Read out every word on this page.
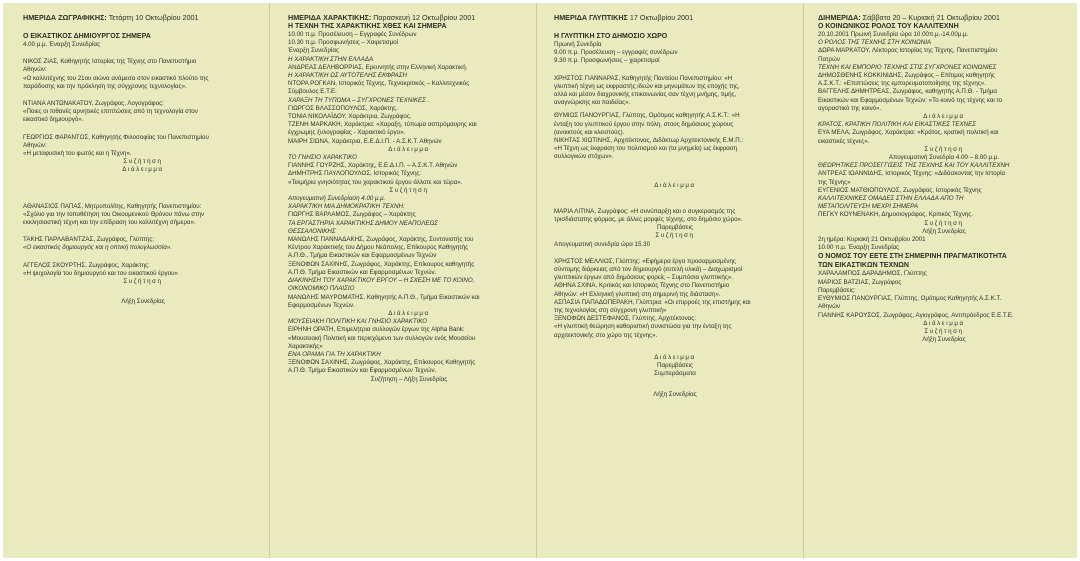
ΗΜΕΡΙΔΑ ΖΩΓΡΑΦΙΚΗΣ: Τετάρτη 10 Οκτωβρίου 2001

Ο ΕΙΚΑΣΤΙΚΟΣ ΔΗΜΙΟΥΡΓΟΣ ΣΗΜΕΡΑ

4.00 μ.μ. Έναρξη Συνεδρίας

ΝΙΚΟΣ ΖΙΑΣ, Καθηγητής Ιστορίας της Τέχνης στο Πανεπιστήμιο

Αθηνών:

«Ο καλλιτέχνης του 21ου αιώνα ανάμεσα στον εικαστικό πλούτο της

παράδοσης και την πρόκληση της σύγχρονης τεχνολογίας».

ΝΤΙΑΝΑ ΑΝΤΩΝΑΚΑΤΟΥ, Ζωγράφος, Λογογράφος:

«Ποιες οι πιθανές αρνητικές επιπτώσεις από τη τεχνολογία στον

εικαστικό δημιουργό».

ΓΕΩΡΓΙΟΣ ΦΑΡΑΝΤΟΣ, Καθηγητής Φιλοσοφίας του Πανεπιστημίου

Αθηνών:

«Η μεταφυσική του φωτός και η Τέχνη».

Συζήτηση

Διάλειμμα

ΑΘΑΝΑΣΙΟΣ ΠΑΠΑΣ, Μητροπολίτης, Καθηγητής Πανεπιστημίου:

«Σχόλιο για την τοποθέτηση του Οικουμενικού Θρόνου πάνω στην

εκκλησιαστική τέχνη και την επίδραση του καλλιτέχνη σήμερα».

ΤΑΚΗΣ ΠΑΡΛΑΒΑΝΤΖΑΣ, Ζωγράφος, Γλύπτης:

«Ο εικαστικός δημιουργός και η οπτική πολυγλωσσία».

ΑΓΓΕΛΟΣ ΣΚΟΥΡΤΗΣ, Ζωγράφος, Χαράκτης:

«Η ψυχολογία του δημιουργού και του εικαστικού έργου»

Συζήτηση

Λήξη Συνεδρίας

ΗΜΕΡΙΔΑ ΧΑΡΑΚΤΙΚΗΣ: Παρασκευή 12 Οκτωβρίου 2001

Η ΤΕΧΝΗ ΤΗΣ ΧΑΡΑΚΤΙΚΗΣ ΧΘΕΣ ΚΑΙ ΣΗΜΕΡΑ

10.00 π.μ. Προσέλευση – Εγγραφές Συνέδρων

10.30 π.μ. Προσφωνήσεις – Χαιρετισμοί

Έναρξη Συνεδρίας

Η ΧΑΡΑΚΤΙΚΗ ΣΤΗΝ ΕΛΛΑΔΑ

ΑΝΔΡΕΑΣ ΔΕΛΗΒΟΡΡΙΑΣ, Ερευνητής στην Ελληνική Χαρακτική.

Η ΧΑΡΑΚΤΙΚΗ ΩΣ ΑΥΤΟΤΕΛΗΣ ΕΚΦΡΑΣΗ

ΝΤΟΡΑ ΡΟΓΚΑΝ, Ιστορικός Τέχνης, Τεχνοκριτικός – Καλλιτεχνικός

Σύμβουλος Ε.Τ.Ε.

ΧΑΡΑΞΗ ΤΗ ΤΥΠΩΜΑ – ΣΥΓΧΡΟΝΕΣ ΤΕΧΝΙΚΕΣ .

ΓΙΩΡΓΟΣ ΒΛΑΣΣΟΠΟΥΛΟΣ, Χαράκτης.

ΤΟΝΙΑ ΝΙΚΟΛΑΪΔΟΥ, Χαράκτρια, Ζωγράφος.

ΤΖΕΝΗ ΜΑΡΚΑΚΗ, Χαράκτρια: «Χαραξη, τύπωμα ασπρόμαυρης και

έγχρωμης ξυλογραφίας - Χαρακτικό έργο».

ΜΑΙΡΗ ΣΙΩΝΑ, Χαράκτρια, Ε.Ε.Δ.Ι.Π. - Α.Σ.Κ.Τ. Αθηνών

Διάλειμμα

ΤΟ ΓΝΗΣΙΟ ΧΑΡΑΚΤΙΚΟ

ΓΙΑΝΝΗΣ ΓΟΥΡΖΗΣ, Χαράκτης, Ε.Ε.Δ.Ι.Π. – Α.Σ.Κ.Τ. Αθηνών

ΔΗΜΗΤΡΗΣ ΠΑΥΛΟΠΟΥΛΟΣ, Ιστορικός Τέχνης:

«Τεκμήρια γνησιότητας του χαρακτικού έργου άλλοτε και τώρα».

Συζήτηση

Απογευματινή Συνεδρίαση 4.00 μ.μ.

ΧΑΡΑΚΤΙΚΗ ΜΙΑ ΔΗΜΟΚΡΑΤΙΚΗ ΤΕΧΝΗ:

ΓΙΩΡΓΗΣ ΒΑΡΛΑΜΟΣ, Ζωγράφος – Χαράκτης

ΤΑ ΕΡΓΑΣΤΗΡΙΑ ΧΑΡΑΚΤΙΚΗΣ ΔΗΜΟΥ ΝΕΑΠΟΛΕΩΣ

ΘΕΣΣΑΛΟΝΙΚΗΣ

ΜΑΝΩΛΗΣ ΠΑΝΝΑΔΑΚΗΣ, Ζωγράφος, Χαράκτης, Συντονιστής του

Κέντρου Χαρακτικής του Δήμου Νεάπολης, Επίκουρος Καθηγητής

Α.Π.Θ., Τμήμα Εικαστικών και Εφαρμοσμένων Τεχνών

ΞΕΝΟΦΩΝ ΣΑΧΙΝΗΣ, Ζωγράφος, Χαράκτης, Επίκουρος καθηγητής

Α.Π.Θ. Τμήμα Εικαστικών και Εφαρμοσμένων Τεχνών.

ΔΙΑΚΙΝΗΣΗ ΤΟΥ ΧΑΡΑΚΤΙΚΟΥ ΕΡΓΟΥ – Η ΣΧΕΣΗ ΜΕ ΤΟ ΚΟΙΝΟ,

ΟΙΚΟΝΟΜΙΚΟ ΠΛΑΙΣΙΟ

ΜΑΝΩΛΗΣ ΜΑΥΡΟΜΑΤΗΣ, Καθηγητής Α.Π.Θ., Τμήμα Εικαστικών και

Εφαρμοσμένων Τεχνών.

Διάλειμμα

ΜΟΥΣΕΙΑΚΗ ΠΟΛΙΤΙΚΗ ΚΑΙ ΓΝΗΣΙΟ ΧΑΡΑΚΤΙΚΟ

ΕΙΡΗΝΗ ΟΡΑΤΗ, Επιμελήτρια συλλογών έργων της Alpha Bank:

«Μουσειακή Πολιτική και περιεχόμενο των συλλογών ενός Μουσείου

Χαρακτικής»

ΕΝΑ ΟΡΑΜΑ ΓΙΑ ΤΗ ΧΑΡΑΚΤΙΚΗ

ΞΕΝΟΦΩΝ ΣΑΧΙΝΗΣ, Ζωγράφος, Χαράκτης, Επίκουρος Καθηγητής

Α.Π.Θ. Τμήμα Εικαστικών και Εφαρμοσμένων Τεχνών.

Συζήτηση – Λήξη Συνεδρίας

ΗΜΕΡΙΔΑ ΓΛΥΠΤΙΚΗΣ 17 Οκτωβρίου 2001

Η ΓΛΥΠΤΙΚΗ ΣΤΟ ΔΗΜΟΣΙΟ ΧΩΡΟ

Πρωινή Συνεδρία

9.00 π.μ. Προσέλευση – εγγραφές συνέδρων

9.30 π.μ. Προσφωνήσεις – χαιρετισμοί

ΧΡΗΣΤΟΣ ΓΙΑΝΝΑΡΑΣ, Καθηγητής Παντείου Πανεπιστημίου: «Η

γλυπτική τέχνη ως εκφραστής ιδεών και μηνυμάτων της εποχής της,

αλλά και μέσον διαχρονικής επικοινωνίας σαν τέχνη μνήμης, τιμής,

αναγνώρισης και παιδείας».

ΘΥΜΙΟΣ ΠΑΝΟΥΡΓΙΑΣ, Γλύπτης, Ομότιμος καθηγητής Α.Σ.Κ.Τ.: «Η

ένταξη του γλυπτικού έργου στην πόλη, στους δημόσιους χώρους

(ανοικτούς και κλειστούς).

ΝΙΚΗΤΑΣ ΧΙΩΤΙΝΗΣ, Αρχιτέκτονας, Διδάκτωρ Αρχιτεκτονικής Ε.Μ.Π.:

«Η Τέχνη ως έκφραση του πολιτισμού και (τα μνημεία) ως έκφραση

συλλογικών στόχων».

Διάλειμμα

ΜΑΡΙΑ ΛΙΤΙΝΑ, Ζωγράφος: «Η συνύπαρξη και ο συγκερασμός της

τρισδιάστατης φόρμας, με άλλες μορφές τέχνης, στο δημόσιο χώρο».

Παρεμβάσεις

Συζήτηση

Απογευματινή συνεδρία ώρα 15.30

ΧΡΗΣΤΟΣ ΜΕΛΛΙΟΣ, Γλύπτης: «Εφήμερα έργα προσαρμοσμένης

σύντομης διάρκειας από τον δημιουργό (ευτελή υλικά) – Διαχωρισμοί

γλυπτικών έργων από δημόσιους φορείς – Συμπόσια γλυπτικής».

ΑΘΗΝΑ ΣΧΙΝΑ, Κριτικός και Ιστορικός Τέχνης στο Πανεπιστήμιο

Αθηνών: «Η Ελληνική γλυπτική στη σημερινή της διάσταση».

ΑΣΠΑΣΙΑ ΠΑΠΑΔΟΠΕΡΑΚΗ, Γλύπτρια: «Οι επιρροές της επιστήμης και

της τεχνολογίας στη σύγχρονη γλυπτική»

ΞΕΝΟΦΩΝ ΔΕΣΤΕΦΑΝΟΣ, Γλύπτης, Αρχιτέκτονας:

«Η γλυπτική θεώρηση καθοριστική συνιστώσα για την ένταξη της

αρχιτεκτονικής στο χώρο της τέχνης».

Διάλειμμα

Παρεμβάσεις

Συμπεράσματα

Λήξη Συνεδρίας

ΔΙΗΜΕΡΙΔΑ: Σάββατο 20 – Κυριακή 21 Οκτωβρίου 2001

Ο ΚΟΙΝΩΝΙΚΟΣ ΡΟΛΟΣ ΤΟΥ ΚΑΛΛΙΤΕΧΝΗ

20.10.2001 Πρωινή Συνεδρία ώρα 10.00π.μ.-14.00μ.μ.

Ο ΡΟΛΟΣ ΤΗΣ ΤΕΧΝΗΣ ΣΤΗ ΚΟΙΝΩΝΙΑ

ΔΩΡΑ ΜΑΡΚΑΤΟΥ, Λέκτορας Ιστορίας της Τέχνης, Πανεπιστημίου

Πατρών

ΤΕΧΝΗ ΚΑΙ ΕΜΠΟΡΙΟ ΤΕΧΝΗΣ ΣΤΙΣ ΣΥΓΧΡΟΝΕΣ ΚΟΙΝΩΝΙΕΣ

ΔΗΜΟΣΘΕΝΗΣ ΚΟΚΚΙΝΙΔΗΣ, Ζωγράφος – Επίτιμος καθηγητής

Α.Σ.Κ.Τ.: «Επιπτώσεις της εμπορευματοποίησης της τέχνης».

ΒΑΓΓΕΛΗΣ ΔΗΜΗΤΡΕΑΣ, Ζωγράφος, καθηγητής Α.Π.Θ. - Τμήμα

Εικαστικών και Εφαρμοσμένων Τεχνών: «Το κοινό της τέχνης και το

αγοραστικό της κοινό».

Διάλειμμα

ΚΡΑΤΟΣ, ΚΡΑΤΙΚΗ ΠΟΛΙΤΙΚΗ ΚΑΙ ΕΙΚΑΣΤΙΚΕΣ ΤΕΧΝΕΣ

ΕΥΑ ΜΕΛΑ, Ζωγράφος, Χαράκτρια: «Κράτος, κρατική πολιτική και

εικαστικές τέχνες».

Συζήτηση

Απογευματινή Συνεδρία 4.00 – 8.00 μ.μ.

ΘΕΩΡΗΤΙΚΕΣ ΠΡΟΣΕΓΓΙΣΕΙΣ ΤΗΣ ΤΕΧΝΗΣ ΚΑΙ ΤΟΥ ΚΑΛΛΙΤΕΧΝΗ

ΑΝΤΡΕΑΣ ΙΩΑΝΝΙΔΗΣ, Ιστορικός Τέχνης: «Διδάσκοντας την Ιστορία

της Τέχνης»

ΕΥΓΕΝΙΟΣ ΜΑΤΘΙΟΠΟΥΛΟΣ, Ζωγράφος, Ιστορικός Τέχνης

ΚΑΛΛΙΤΕΧΝΙΚΕΣ ΟΜΑΔΕΣ ΣΤΗΝ ΕΛΛΑΔΑ ΑΠΟ ΤΗ

ΜΕΤΑΠΟΛΙΤΕΥΣΗ ΜΕΧΡΙ ΣΗΜΕΡΑ

ΠΕΓΚΥ ΚΟΥΝΕΝΑΚΗ, Δημοσιογράφος, Κριτικός Τέχνης.

Συζήτηση

Λήξη Συνεδρίας

2η ημέρα: Κυριακή 21 Οκτωβρίου 2001

10.00 π.μ. Έναρξη Συνεδρίας

Ο ΝΟΜΟΣ ΤΟΥ ΕΕΤΕ ΣΤΗ ΣΗΜΕΡΙΝΗ ΠΡΑΓΜΑΤΙΚΟΤΗΤΑ

ΤΩΝ ΕΙΚΑΣΤΙΚΩΝ ΤΕΧΝΩΝ

ΧΑΡΑΛΑΜΠΟΣ ΔΑΡΑΔΗΜΟΣ, Γλύπτης

ΜΑΡΙΟΣ ΒΑΤΖΙΑΣ, Ζωγράφος

Παρεμβάσεις:

ΕΥΘΥΜΙΟΣ ΠΑΝΟΥΡΓΙΑΣ, Γλύπτης, Ομότιμος Καθηγητής Α.Σ.Κ.Τ.

Αθηνών

ΓΙΑΝΝΗΣ ΚΑΡΟΥΣΟΣ, Ζωγράφος, Αγιογράφος, Αντιπρόεδρος Ε.Ε.Τ.Ε.

Διάλειμμα

Συζήτηση

Λήξη Συνεδρίας
